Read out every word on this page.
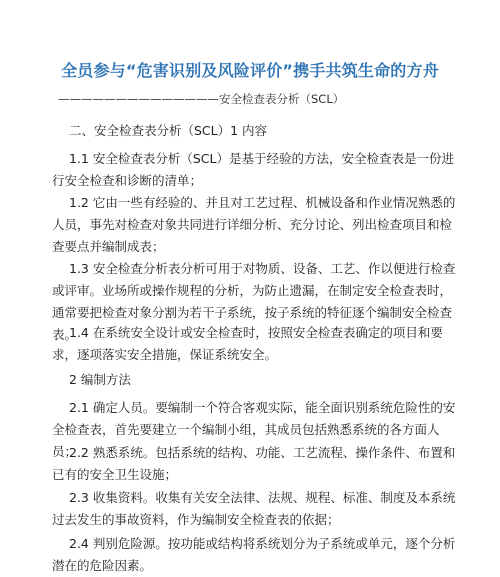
全员参与“危害识别及风险评价”携手共筑生命的方舟
——————————————安全检查表分析（SCL）
二、安全检查表分析（SCL）1 内容

1.1 安全检查表分析（SCL）是基于经验的方法，安全检查表是一份进行安全检查和诊断的清单；

1.2 它由一些有经验的、并且对工艺过程、机械设备和作业情况熟悉的人员，事先对检查对象共同进行详细分析、充分讨论、列出检查项目和检查要点并编制成表；

1.3 安全检查分析表分析可用于对物质、设备、工艺、作以便进行检查或评审。业场所或操作规程的分析，为防止遗漏，在制定安全检查表时，通常要把检查对象分割为若干子系统，按子系统的特征逐个编制安全检查表。

1.4 在系统安全设计或安全检查时，按照安全检查表确定的项目和要求，逐项落实安全措施，保证系统安全。

2 编制方法

2.1 确定人员。要编制一个符合客观实际，能全面识别系统危险性的安全检查表，首先要建立一个编制小组，其成员包括熟悉系统的各方面人员；

2.2 熟悉系统。包括系统的结构、功能、工艺流程、操作条件、布置和已有的安全卫生设施；

2.3 收集资料。收集有关安全法律、法规、规程、标准、制度及本系统过去发生的事故资料，作为编制安全检查表的依据；

2.4 判别危险源。按功能或结构将系统划分为子系统或单元，逐个分析潜在的危险因素。
